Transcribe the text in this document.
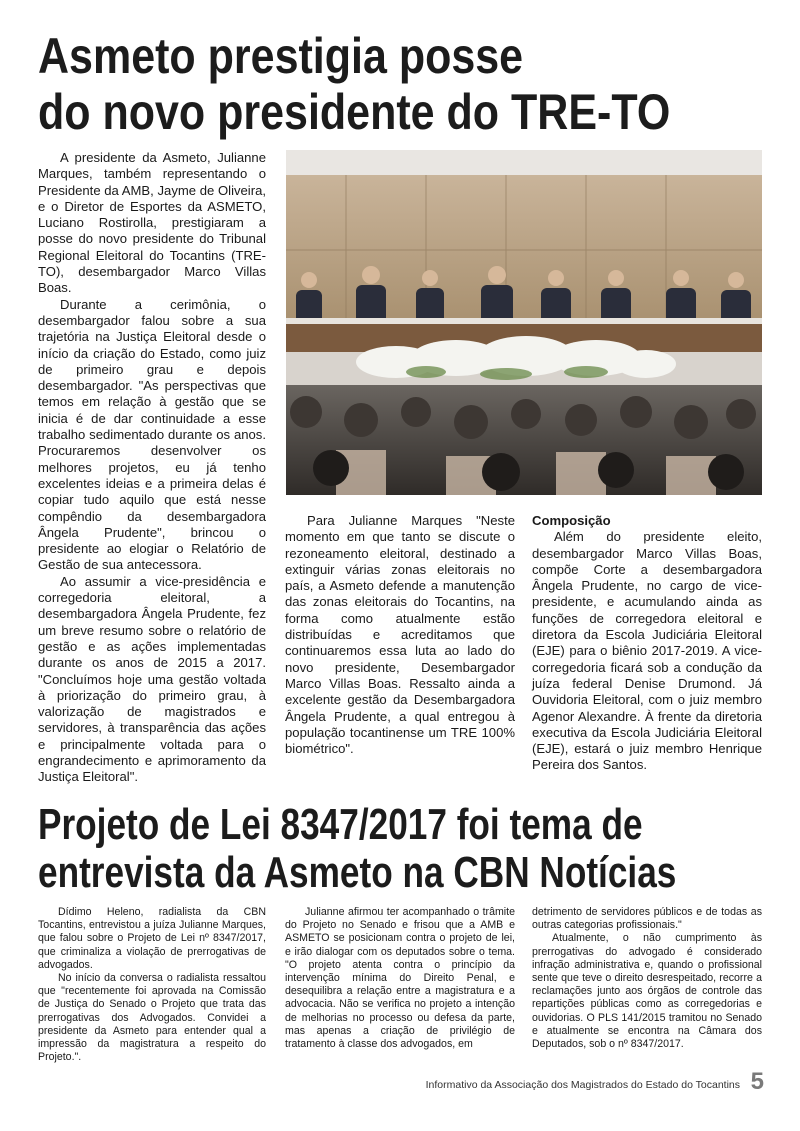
Asmeto prestigia posse
do novo presidente do TRE-TO

A presidente da Asmeto, Julianne Marques, também representando o Presidente da AMB, Jayme de Oliveira, e o Diretor de Esportes da ASMETO, Luciano Rostirolla, prestigiaram a posse do novo presidente do Tribunal Regional Eleitoral do Tocantins (TRE-TO), desembargador Marco Villas Boas.

Durante a cerimônia, o desembargador falou sobre a sua trajetória na Justiça Eleitoral desde o início da criação do Estado, como juiz de primeiro grau e depois desembargador. "As perspectivas que temos em relação à gestão que se inicia é de dar continuidade a esse trabalho sedimentado durante os anos. Procuraremos desenvolver os melhores projetos, eu já tenho excelentes ideias e a primeira delas é copiar tudo aquilo que está nesse compêndio da desembargadora Ângela Prudente", brincou o presidente ao elogiar o Relatório de Gestão de sua antecessora.

Ao assumir a vice-presidência e corregedoria eleitoral, a desembargadora Ângela Prudente, fez um breve resumo sobre o relatório de gestão e as ações implementadas durante os anos de 2015 a 2017. "Concluímos hoje uma gestão voltada à priorização do primeiro grau, à valorização de magistrados e servidores, à transparência das ações e principalmente voltada para o engrandecimento e aprimoramento da Justiça Eleitoral".

Para Julianne Marques "Neste momento em que tanto se discute o rezoneamento eleitoral, destinado a extinguir várias zonas eleitorais no país, a Asmeto defende a manutenção das zonas eleitorais do Tocantins, na forma como atualmente estão distribuídas e acreditamos que continuaremos essa luta ao lado do novo presidente, Desembargador Marco Villas Boas. Ressalto ainda a excelente gestão da Desembargadora Ângela Prudente, a qual entregou à população tocantinense um TRE 100% biométrico".

Composição

Além do presidente eleito, desembargador Marco Villas Boas, compõe Corte a desembargadora Ângela Prudente, no cargo de vice-presidente, e acumulando ainda as funções de corregedora eleitoral e diretora da Escola Judiciária Eleitoral (EJE) para o biênio 2017-2019. A vice-corregedoria ficará sob a condução da juíza federal Denise Drumond. Já Ouvidoria Eleitoral, com o juiz membro Agenor Alexandre. À frente da diretoria executiva da Escola Judiciária Eleitoral (EJE), estará o juiz membro Henrique Pereira dos Santos.

Projeto de Lei 8347/2017 foi tema de
entrevista da Asmeto na CBN Notícias

Dídimo Heleno, radialista da CBN Tocantins, entrevistou a juíza Julianne Marques, que falou sobre o Projeto de Lei nº 8347/2017, que criminaliza a violação de prerrogativas de advogados.

No início da conversa o radialista ressaltou que "recentemente foi aprovada na Comissão de Justiça do Senado o Projeto que trata das prerrogativas dos Advogados. Convidei a presidente da Asmeto para entender qual a impressão da magistratura a respeito do Projeto.".

Julianne afirmou ter acompanhado o trâmite do Projeto no Senado e frisou que a AMB e ASMETO se posicionam contra o projeto de lei, e irão dialogar com os deputados sobre o tema. "O projeto atenta contra o princípio da intervenção mínima do Direito Penal, e desequilibra a relação entre a magistratura e a advocacia. Não se verifica no projeto a intenção de melhorias no processo ou defesa da parte, mas apenas a criação de privilégio de tratamento à classe dos advogados, em

detrimento de servidores públicos e de todas as outras categorias profissionais."

Atualmente, o não cumprimento às prerrogativas do advogado é considerado infração administrativa e, quando o profissional sente que teve o direito desrespeitado, recorre a reclamações junto aos órgãos de controle das repartições públicas como as corregedorias e ouvidorias. O PLS 141/2015 tramitou no Senado e atualmente se encontra na Câmara dos Deputados, sob o nº 8347/2017.

Informativo da Associação dos Magistrados do Estado do Tocantins 5
